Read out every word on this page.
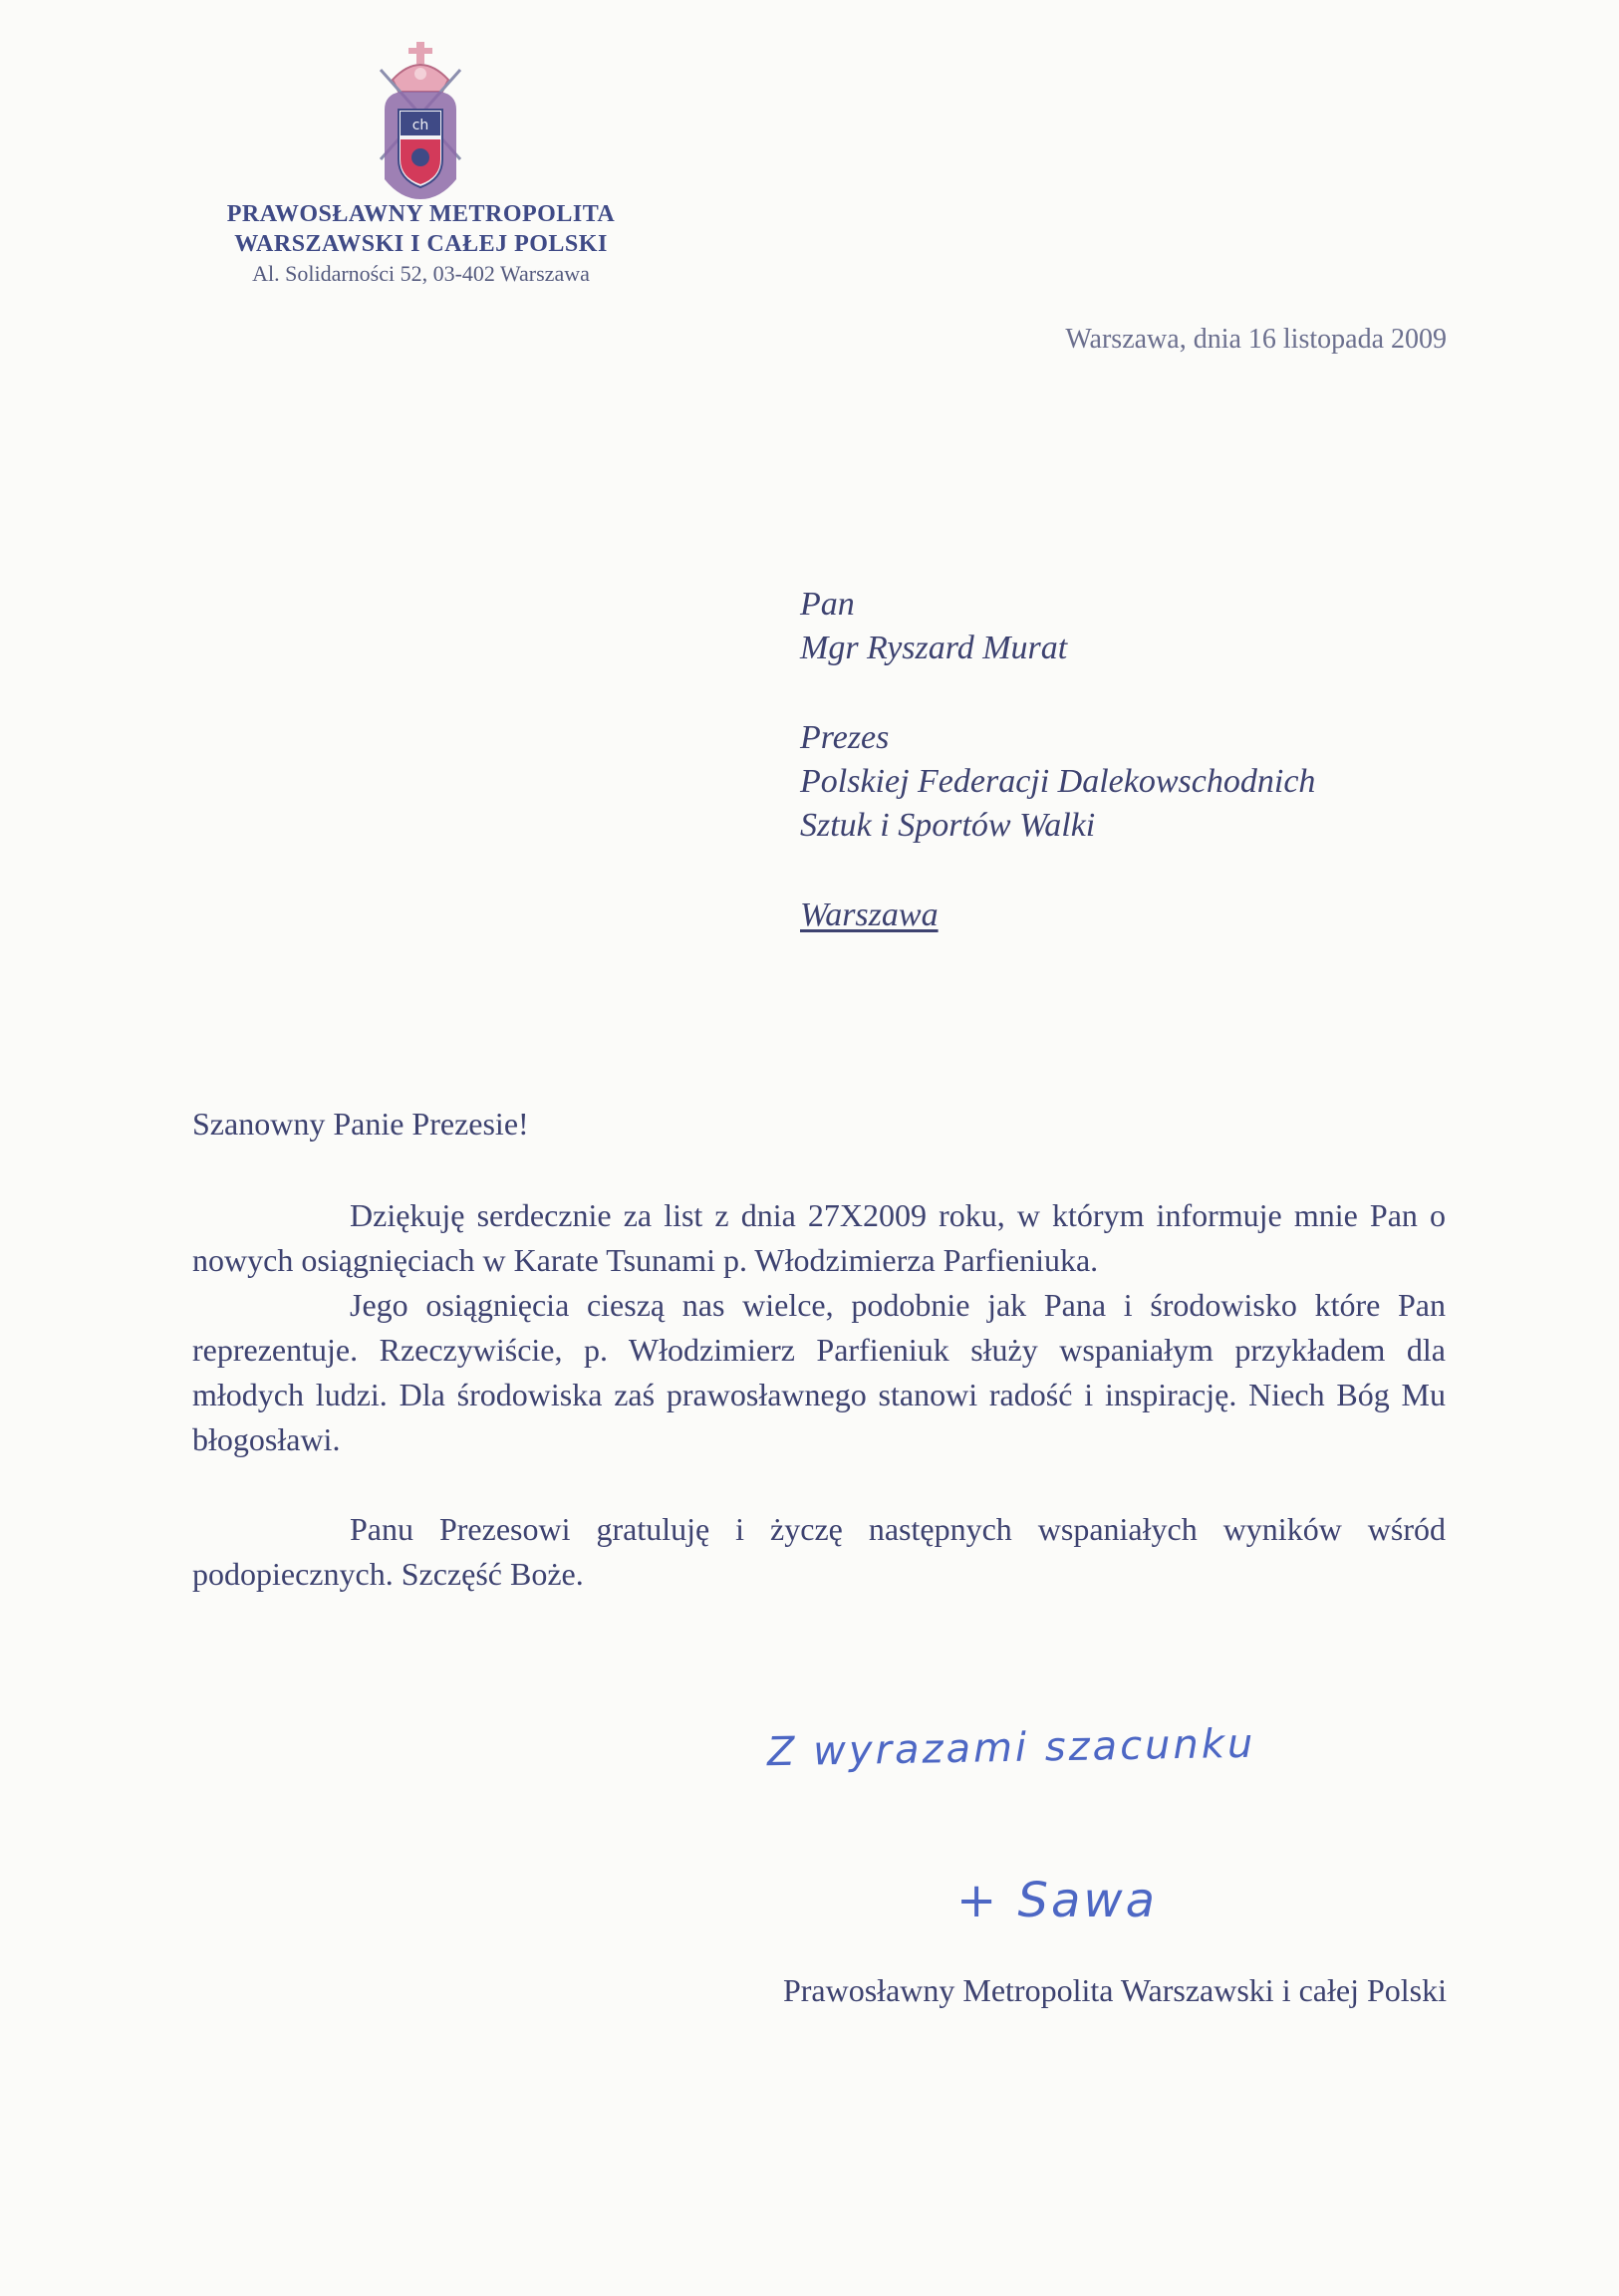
ch
PRAWOSŁAWNY METROPOLITA
WARSZAWSKI I CAŁEJ POLSKI
Al. Solidarności 52, 03-402 Warszawa
Warszawa, dnia 16 listopada 2009
Pan
Mgr Ryszard Murat
Prezes
Polskiej Federacji Dalekowschodnich
Sztuk i Sportów Walki
Warszawa
Szanowny Panie Prezesie!

Dziękuję serdecznie za list z dnia 27X2009 roku, w którym informuje mnie Pan o nowych osiągnięciach w Karate Tsunami p. Włodzimierza Parfieniuka.

Jego osiągnięcia cieszą nas wielce, podobnie jak Pana i środowisko które Pan reprezentuje. Rzeczywiście, p. Włodzimierz Parfieniuk służy wspaniałym przykładem dla młodych ludzi. Dla środowiska zaś prawosławnego stanowi radość i inspirację. Niech Bóg Mu błogosławi.

Panu Prezesowi gratuluję i życzę następnych wspaniałych wyników wśród podopiecznych. Szczęść Boże.

Z wyrazami szacunku
+ Sawa
Prawosławny Metropolita Warszawski i całej Polski
